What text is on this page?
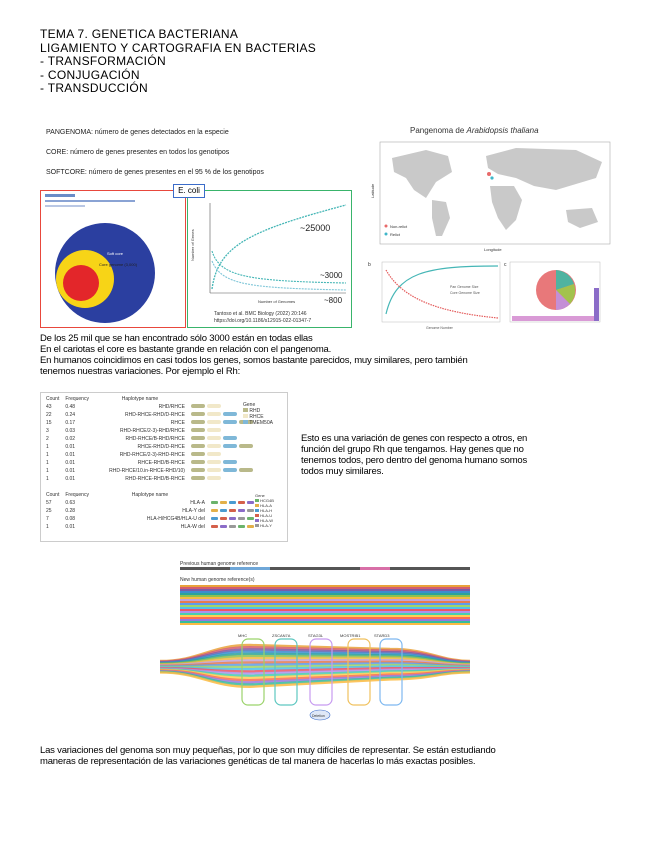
TEMA 7. GENETICA BACTERIANA
LIGAMIENTO Y CARTOGRAFIA EN BACTERIAS
- TRANSFORMACIÓN
- CONJUGACIÓN
- TRANSDUCCIÓN
PANGENOMA: número de genes detectados en la especie
CORE: número de genes presentes en todos los genotipos
SOFTCORE: número de genes presentes en el 95 % de los genotipos
E. coli
Pan genome (25,000)
Soft core
Core genome (3,000)
Number of Genes
Number of Genomes
~25000
~3000
~800
Tantoso et al. BMC Biology (2022) 20:146
https://doi.org/10.1186/s12915-022-01347-7
Pangenoma de Arabidopsis thaliana
Non-relict
Relict
Latitude
Longitude
b
Pan Genome Size
Core Genome Size
Genome Number
c
De los 25 mil que se han encontrado sólo 3000 están en todas ellas
En el cariotas el core es bastante grande en relación con el pangenoma.
En humanos coincidimos en casi todos los genes, somos bastante parecidos, muy similares, pero también
tenemos nuestras variaciones. Por ejemplo el Rh:
Count	Frequency	Haplotype name	
43	0.48	RHD/RHCE	
22	0.24	RHD-RHCE-RHD/D-RHCE	
15	0.17	RHCE	
3	0.03	RHD-RHCE/2-3)-RHD/RHCE	
2	0.02	RHD-RHCE/B-RHD/RHCE	
1	0.01	RHCE-RHD/D-RHCE	
1	0.01	RHD-RHCE/2-3)-RHD-RHCE	
1	0.01	RHCE-RHD/B-RHCE	
1	0.01	RHD-RHCE/10.in-RHCE-RHD/10)	
1	0.01	RHD-RHCE-RHD/B-RHCE	
Gene
RHD
RHCE
TMEM50A
Count	Frequency	Haplotype name	
57	0.63	HLA-A	
25	0.28	HLA-Y del	
7	0.08	HLA-H/HCG4B/HLA-U del	
1	0.01	HLA-W del	
Gene
HCG4B
HLA-A
HLA-H
HLA-U
HLA-W
HLA-Y
Esto es una variación de genes con respecto a otros, en
función del grupo Rh que tengamos. Hay genes que no
tenemos todos, pero dentro del genoma humano somos
todos muy similares.
Previous human genome reference
New human genome reference(s)
MHC	ZSCAN7A	STAG3L	MOSTRIB1	STARD3
Deletion
Las variaciones del genoma son muy pequeñas, por lo que son muy difíciles de representar. Se están estudiando
maneras de representación de las variaciones genéticas de tal manera de hacerlas lo más exactas posibles.
